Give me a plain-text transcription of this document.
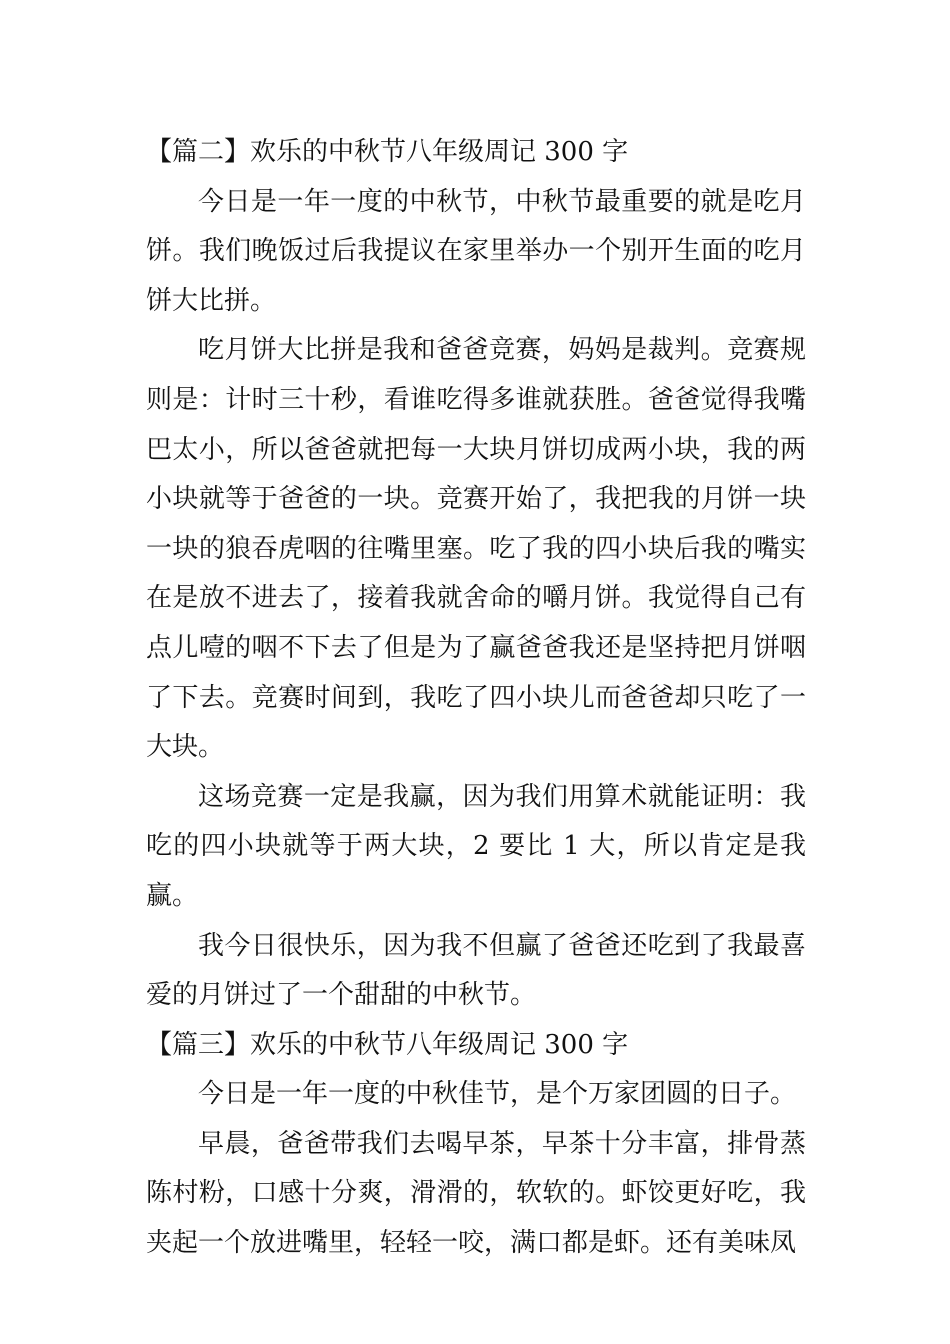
【篇二】欢乐的中秋节八年级周记 300 字

今日是一年一度的中秋节，中秋节最重要的就是吃月饼。我们晚饭过后我提议在家里举办一个别开生面的吃月饼大比拼。

吃月饼大比拼是我和爸爸竞赛，妈妈是裁判。竞赛规则是：计时三十秒，看谁吃得多谁就获胜。爸爸觉得我嘴巴太小，所以爸爸就把每一大块月饼切成两小块，我的两小块就等于爸爸的一块。竞赛开始了，我把我的月饼一块一块的狼吞虎咽的往嘴里塞。吃了我的四小块后我的嘴实在是放不进去了，接着我就舍命的嚼月饼。我觉得自己有点儿噎的咽不下去了但是为了赢爸爸我还是坚持把月饼咽了下去。竞赛时间到，我吃了四小块儿而爸爸却只吃了一大块。

这场竞赛一定是我赢，因为我们用算术就能证明：我吃的四小块就等于两大块，2 要比 1 大，所以肯定是我赢。

我今日很快乐，因为我不但赢了爸爸还吃到了我最喜爱的月饼过了一个甜甜的中秋节。

【篇三】欢乐的中秋节八年级周记 300 字

今日是一年一度的中秋佳节，是个万家团圆的日子。

早晨，爸爸带我们去喝早茶，早茶十分丰富，排骨蒸陈村粉，口感十分爽，滑滑的，软软的。虾饺更好吃，我夹起一个放进嘴里，轻轻一咬，满口都是虾。还有美味凤
